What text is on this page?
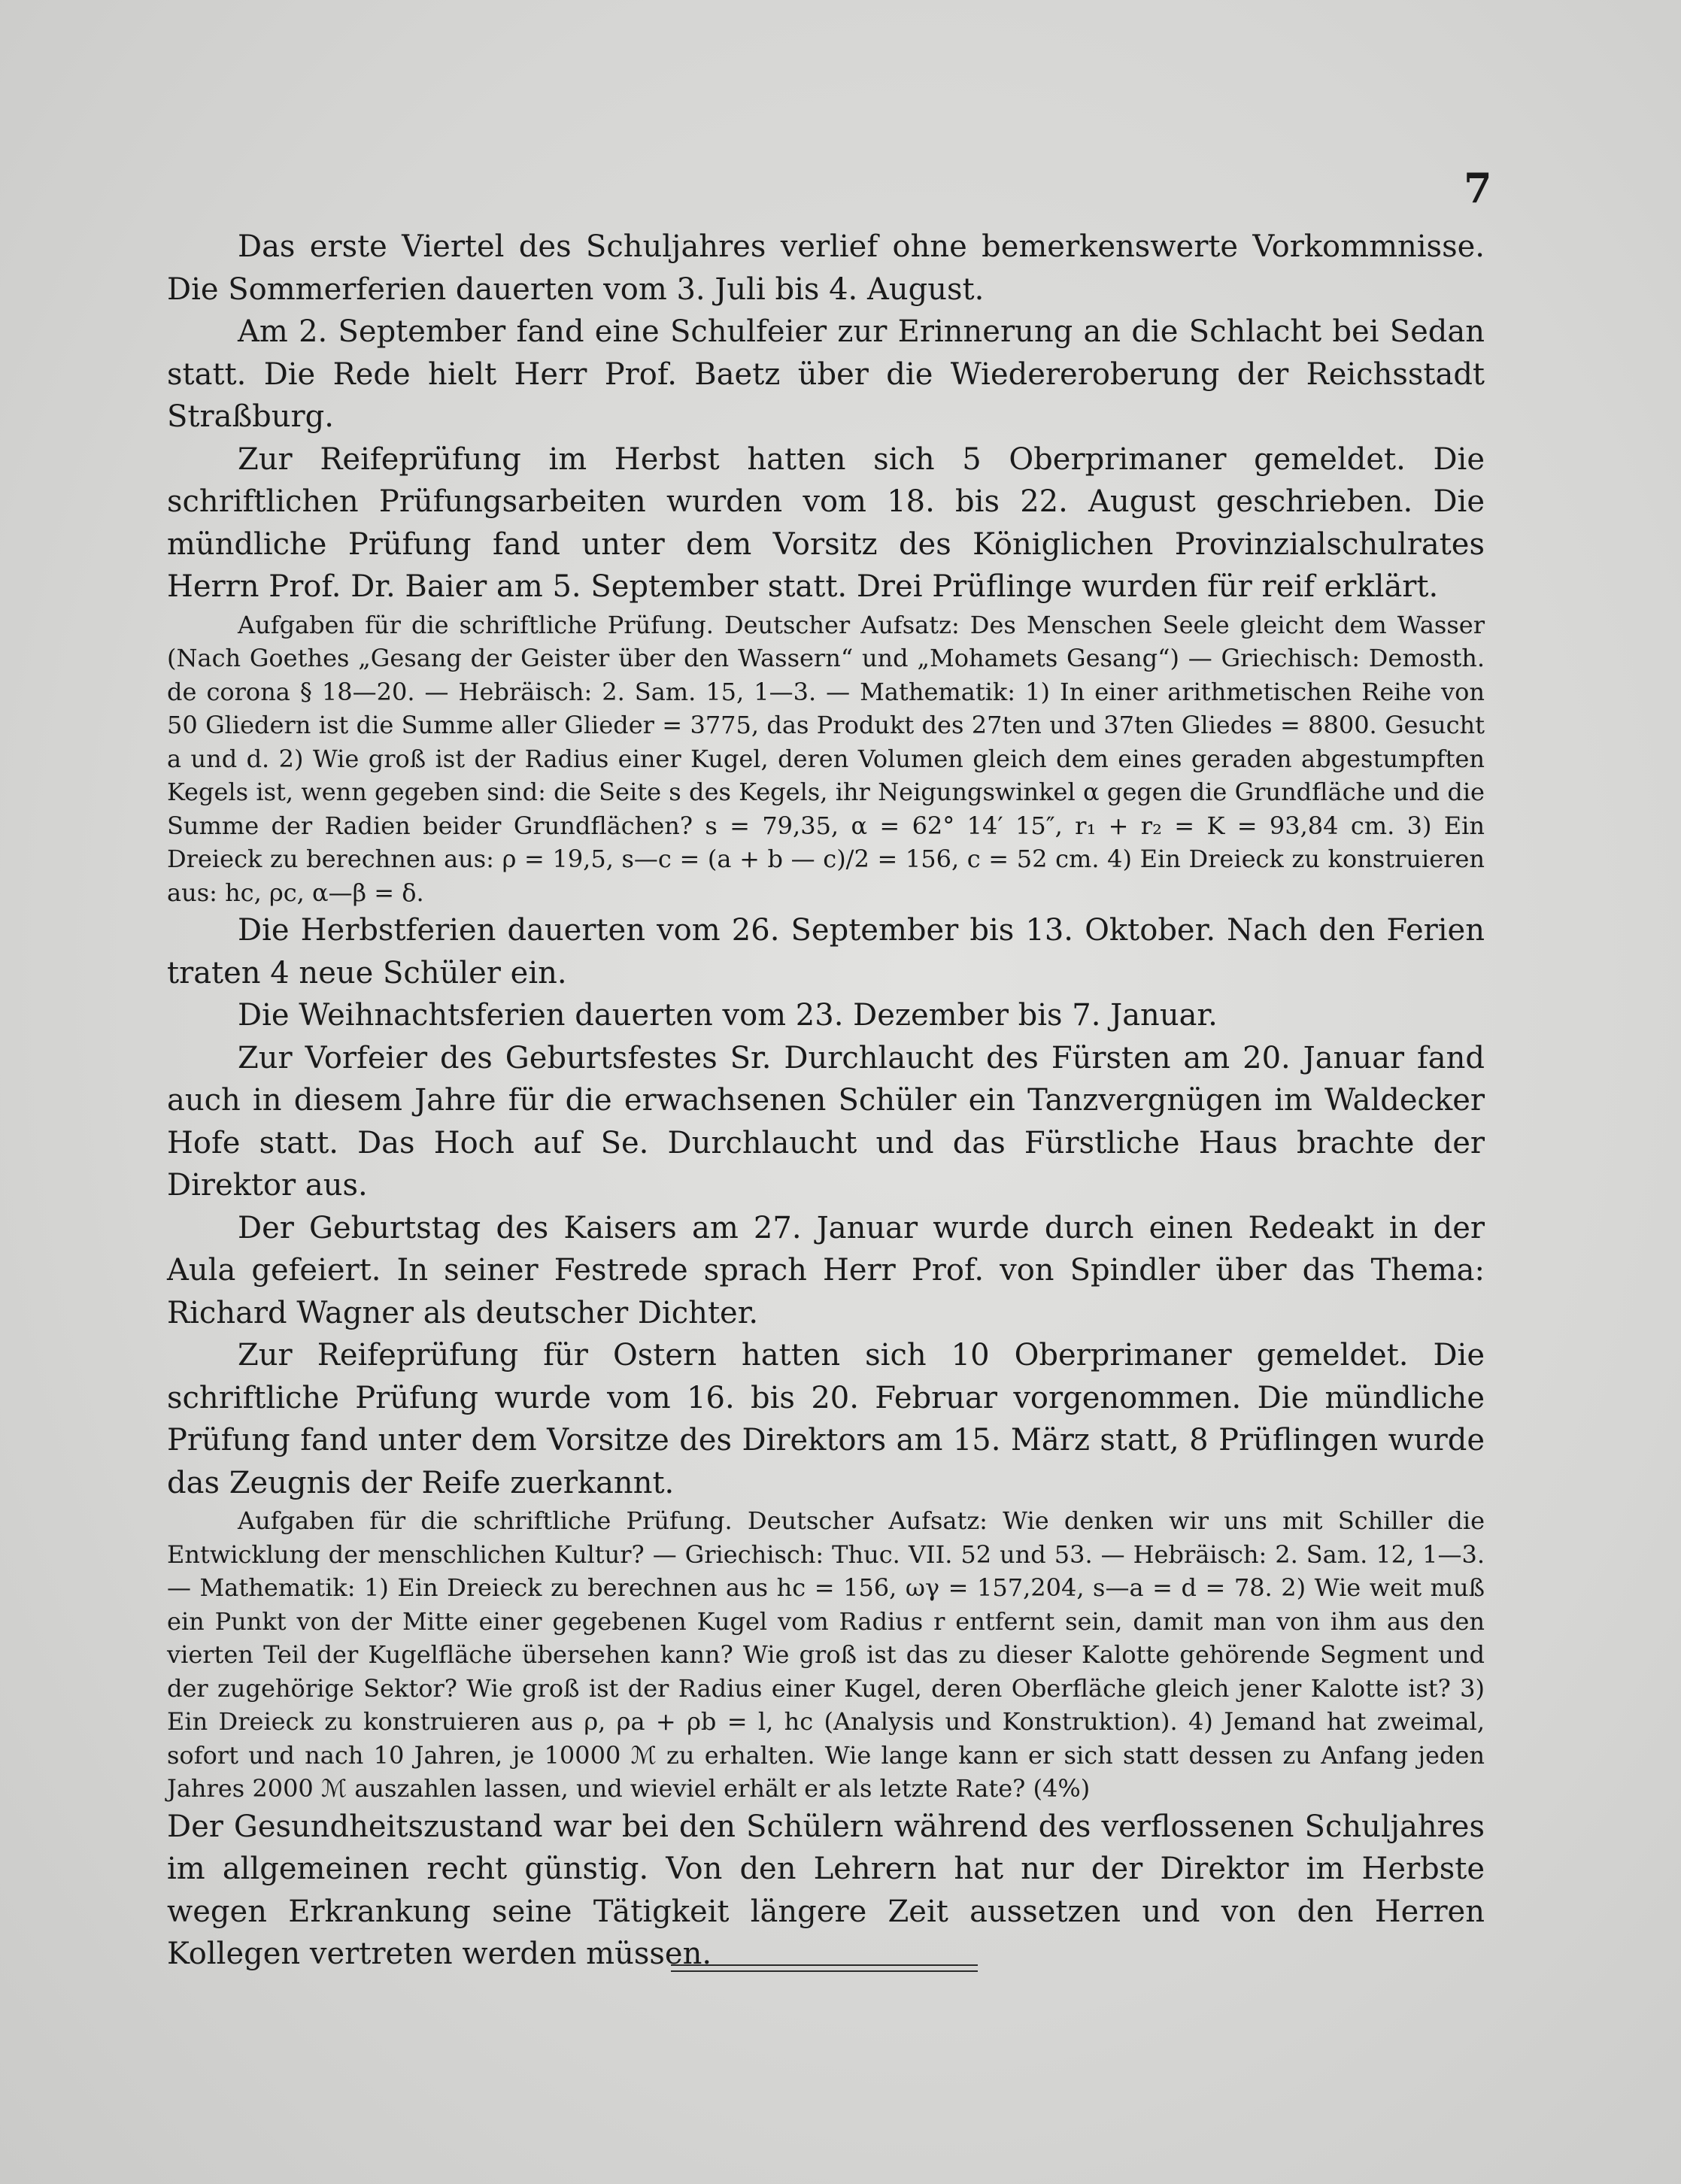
7

Das erste Viertel des Schuljahres verlief ohne bemerkenswerte Vorkommnisse. Die Sommerferien dauerten vom 3. Juli bis 4. August.

Am 2. September fand eine Schulfeier zur Erinnerung an die Schlacht bei Sedan statt. Die Rede hielt Herr Prof. Baetz über die Wiedereroberung der Reichsstadt Straßburg.

Zur Reifeprüfung im Herbst hatten sich 5 Oberprimaner gemeldet. Die schriftlichen Prüfungsarbeiten wurden vom 18. bis 22. August geschrieben. Die mündliche Prüfung fand unter dem Vorsitz des Königlichen Provinzialschulrates Herrn Prof. Dr. Baier am 5. September statt. Drei Prüflinge wurden für reif erklärt.

Aufgaben für die schriftliche Prüfung. Deutscher Aufsatz: Des Menschen Seele gleicht dem Wasser (Nach Goethes „Gesang der Geister über den Wassern“ und „Mohamets Gesang“) — Griechisch: Demosth. de corona § 18—20. — Hebräisch: 2. Sam. 15, 1—3. — Mathematik: 1) In einer arithmetischen Reihe von 50 Gliedern ist die Summe aller Glieder = 3775, das Produkt des 27ten und 37ten Gliedes = 8800. Gesucht a und d. 2) Wie groß ist der Radius einer Kugel, deren Volumen gleich dem eines geraden abgestumpften Kegels ist, wenn gegeben sind: die Seite s des Kegels, ihr Neigungswinkel α gegen die Grundfläche und die Summe der Radien beider Grundflächen? s = 79,35, α = 62° 14′ 15″, r₁ + r₂ = K = 93,84 cm. 3) Ein Dreieck zu berechnen aus: ρ = 19,5, s—c = (a + b — c)/2 = 156, c = 52 cm. 4) Ein Dreieck zu konstruieren aus: hc, ρc, α—β = δ.

Die Herbstferien dauerten vom 26. September bis 13. Oktober. Nach den Ferien traten 4 neue Schüler ein.

Die Weihnachtsferien dauerten vom 23. Dezember bis 7. Januar.

Zur Vorfeier des Geburtsfestes Sr. Durchlaucht des Fürsten am 20. Januar fand auch in diesem Jahre für die erwachsenen Schüler ein Tanzvergnügen im Waldecker Hofe statt. Das Hoch auf Se. Durchlaucht und das Fürstliche Haus brachte der Direktor aus.

Der Geburtstag des Kaisers am 27. Januar wurde durch einen Redeakt in der Aula gefeiert. In seiner Festrede sprach Herr Prof. von Spindler über das Thema: Richard Wagner als deutscher Dichter.

Zur Reifeprüfung für Ostern hatten sich 10 Oberprimaner gemeldet. Die schriftliche Prüfung wurde vom 16. bis 20. Februar vorgenommen. Die mündliche Prüfung fand unter dem Vorsitze des Direktors am 15. März statt, 8 Prüflingen wurde das Zeugnis der Reife zuerkannt.

Aufgaben für die schriftliche Prüfung. Deutscher Aufsatz: Wie denken wir uns mit Schiller die Entwicklung der menschlichen Kultur? — Griechisch: Thuc. VII. 52 und 53. — Hebräisch: 2. Sam. 12, 1—3. — Mathematik: 1) Ein Dreieck zu berechnen aus hc = 156, ωγ = 157,204, s—a = d = 78. 2) Wie weit muß ein Punkt von der Mitte einer gegebenen Kugel vom Radius r entfernt sein, damit man von ihm aus den vierten Teil der Kugelfläche übersehen kann? Wie groß ist das zu dieser Kalotte gehörende Segment und der zugehörige Sektor? Wie groß ist der Radius einer Kugel, deren Oberfläche gleich jener Kalotte ist? 3) Ein Dreieck zu konstruieren aus ρ, ρa + ρb = l, hc (Analysis und Konstruktion). 4) Jemand hat zweimal, sofort und nach 10 Jahren, je 10000 ℳ zu erhalten. Wie lange kann er sich statt dessen zu Anfang jeden Jahres 2000 ℳ auszahlen lassen, und wieviel erhält er als letzte Rate? (4%)

Der Gesundheitszustand war bei den Schülern während des verflossenen Schuljahres im allgemeinen recht günstig. Von den Lehrern hat nur der Direktor im Herbste wegen Erkrankung seine Tätigkeit längere Zeit aussetzen und von den Herren Kollegen vertreten werden müssen.
